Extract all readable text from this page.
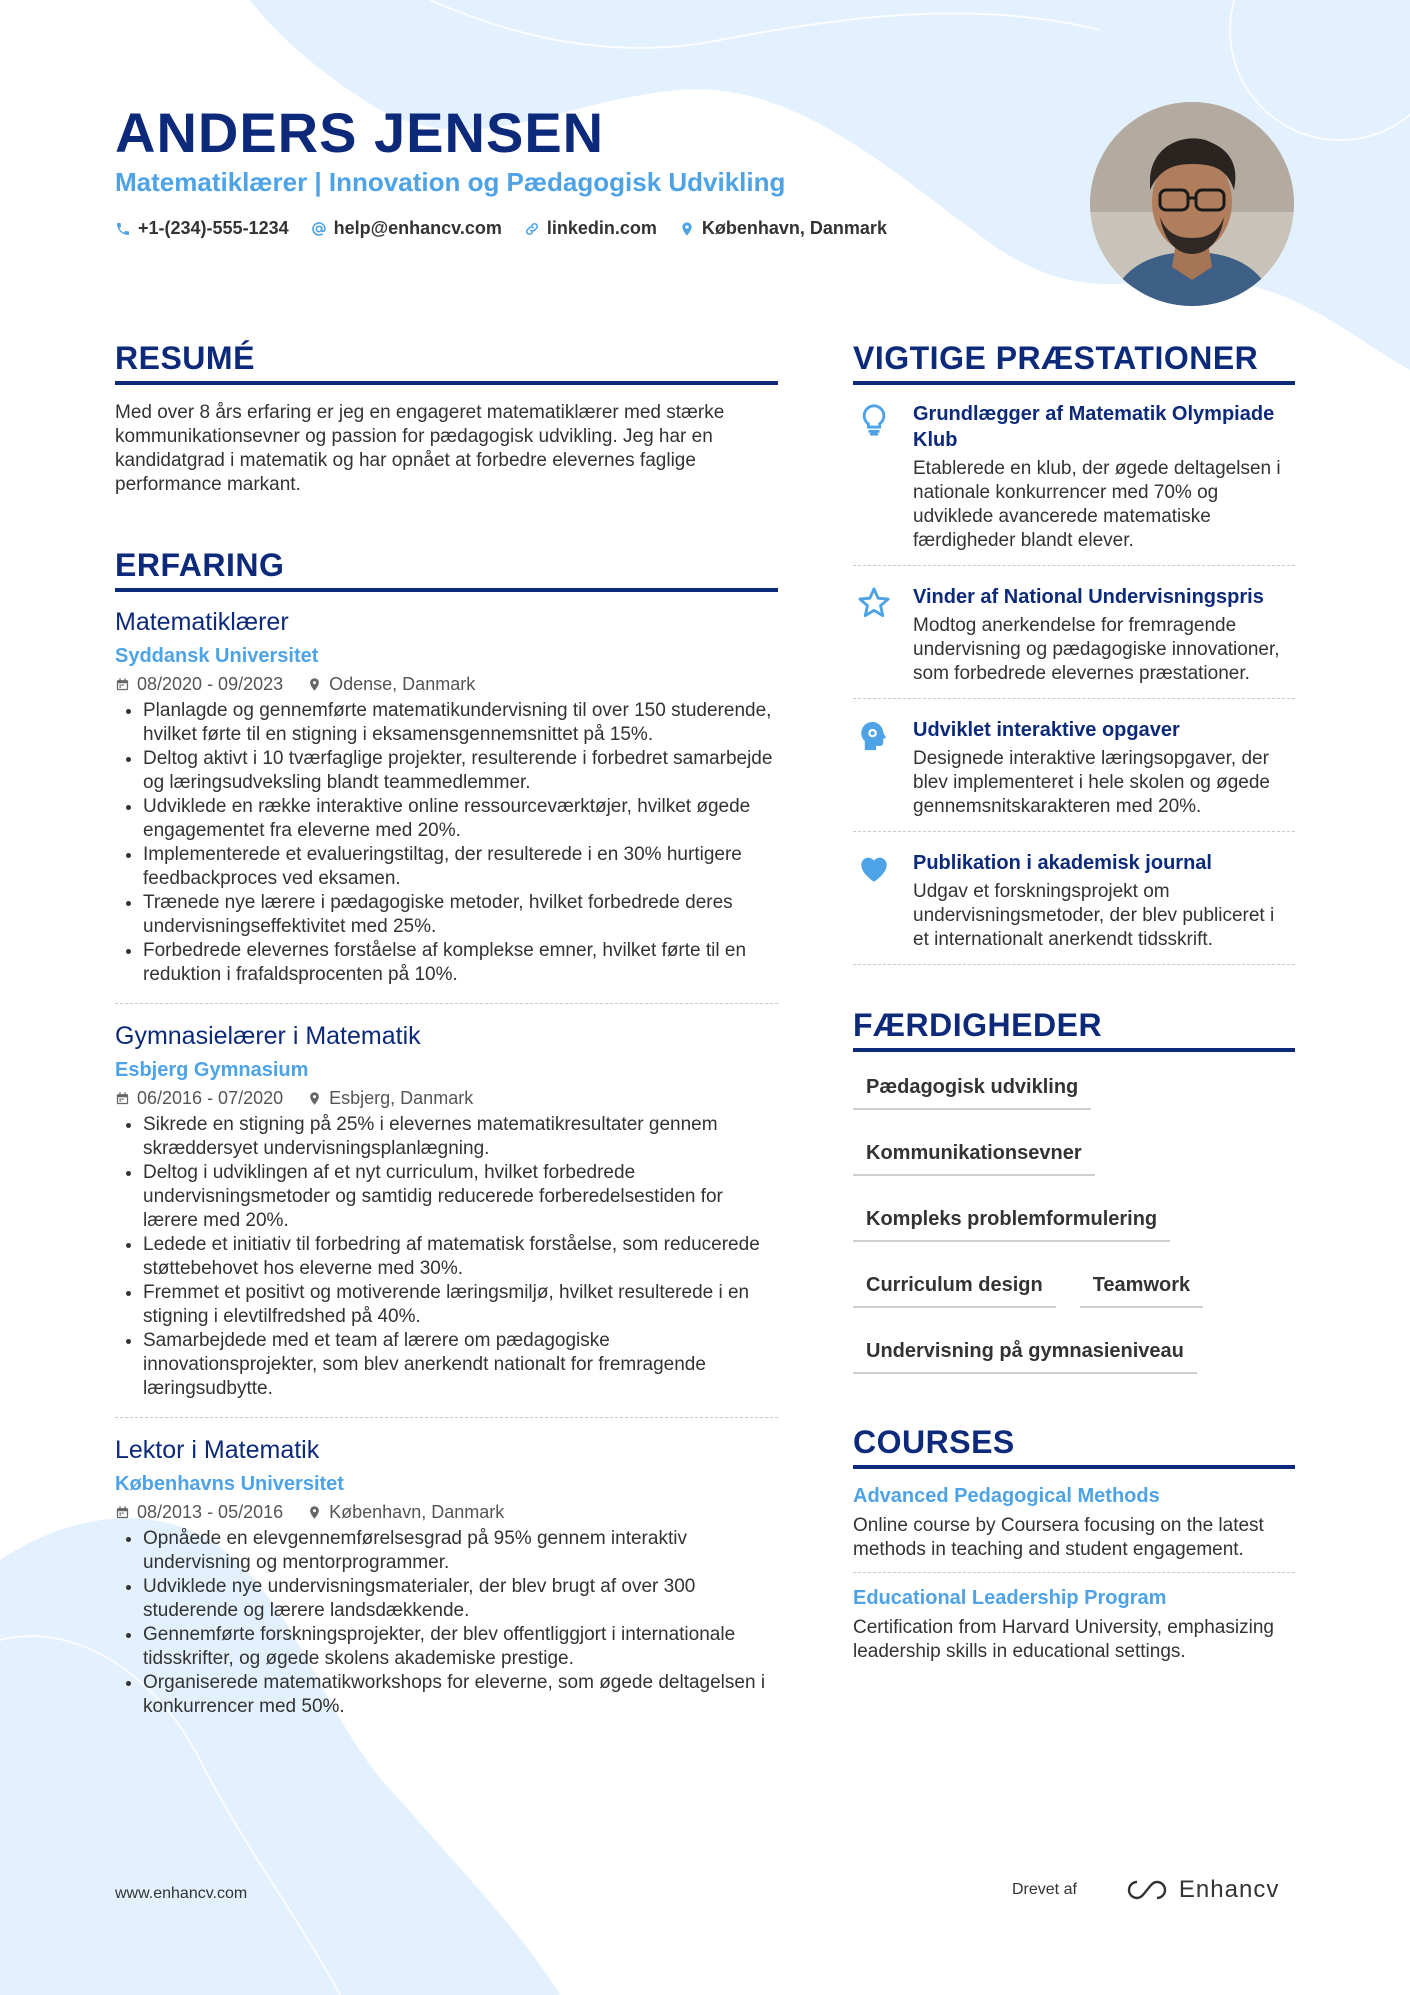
ANDERS JENSEN
Matematiklærer | Innovation og Pædagogisk Udvikling
+1-(234)-555-1234	help@enhancv.com	linkedin.com	København, Danmark
RESUMÉ
Med over 8 års erfaring er jeg en engageret matematiklærer med stærke kommunikationsevner og passion for pædagogisk udvikling. Jeg har en kandidatgrad i matematik og har opnået at forbedre elevernes faglige performance markant.
ERFARING
Matematiklærer
Syddansk Universitet
08/2020 - 09/2023	Odense, Danmark
• Planlagde og gennemførte matematikundervisning til over 150 studerende, hvilket førte til en stigning i eksamensgennemsnittet på 15%.
• Deltog aktivt i 10 tværfaglige projekter, resulterende i forbedret samarbejde og læringsudveksling blandt teammedlemmer.
• Udviklede en række interaktive online ressourceværktøjer, hvilket øgede engagementet fra eleverne med 20%.
• Implementerede et evalueringstiltag, der resulterede i en 30% hurtigere feedbackproces ved eksamen.
• Trænede nye lærere i pædagogiske metoder, hvilket forbedrede deres undervisningseffektivitet med 25%.
• Forbedrede elevernes forståelse af komplekse emner, hvilket førte til en reduktion i frafaldsprocenten på 10%.
Gymnasielærer i Matematik
Esbjerg Gymnasium
06/2016 - 07/2020	Esbjerg, Danmark
• Sikrede en stigning på 25% i elevernes matematikresultater gennem skræddersyet undervisningsplanlægning.
• Deltog i udviklingen af et nyt curriculum, hvilket forbedrede undervisningsmetoder og samtidig reducerede forberedelsestiden for lærere med 20%.
• Ledede et initiativ til forbedring af matematisk forståelse, som reducerede støttebehovet hos eleverne med 30%.
• Fremmet et positivt og motiverende læringsmiljø, hvilket resulterede i en stigning i elevtilfredshed på 40%.
• Samarbejdede med et team af lærere om pædagogiske innovationsprojekter, som blev anerkendt nationalt for fremragende læringsudbytte.
Lektor i Matematik
Københavns Universitet
08/2013 - 05/2016	København, Danmark
• Opnåede en elevgennemførelsesgrad på 95% gennem interaktiv undervisning og mentorprogrammer.
• Udviklede nye undervisningsmaterialer, der blev brugt af over 300 studerende og lærere landsdækkende.
• Gennemførte forskningsprojekter, der blev offentliggjort i internationale tidsskrifter, og øgede skolens akademiske prestige.
• Organiserede matematikworkshops for eleverne, som øgede deltagelsen i konkurrencer med 50%.
VIGTIGE PRÆSTATIONER
Grundlægger af Matematik Olympiade Klub
Etablerede en klub, der øgede deltagelsen i nationale konkurrencer med 70% og udviklede avancerede matematiske færdigheder blandt elever.
Vinder af National Undervisningspris
Modtog anerkendelse for fremragende undervisning og pædagogiske innovationer, som forbedrede elevernes præstationer.
Udviklet interaktive opgaver
Designede interaktive læringsopgaver, der blev implementeret i hele skolen og øgede gennemsnitskarakteren med 20%.
Publikation i akademisk journal
Udgav et forskningsprojekt om undervisningsmetoder, der blev publiceret i et internationalt anerkendt tidsskrift.
FÆRDIGHEDER
Pædagogisk udvikling
Kommunikationsevner
Kompleks problemformulering
Curriculum design	Teamwork
Undervisning på gymnasieniveau
COURSES
Advanced Pedagogical Methods
Online course by Coursera focusing on the latest methods in teaching and student engagement.
Educational Leadership Program
Certification from Harvard University, emphasizing leadership skills in educational settings.
www.enhancv.com	Drevet af	Enhancv
